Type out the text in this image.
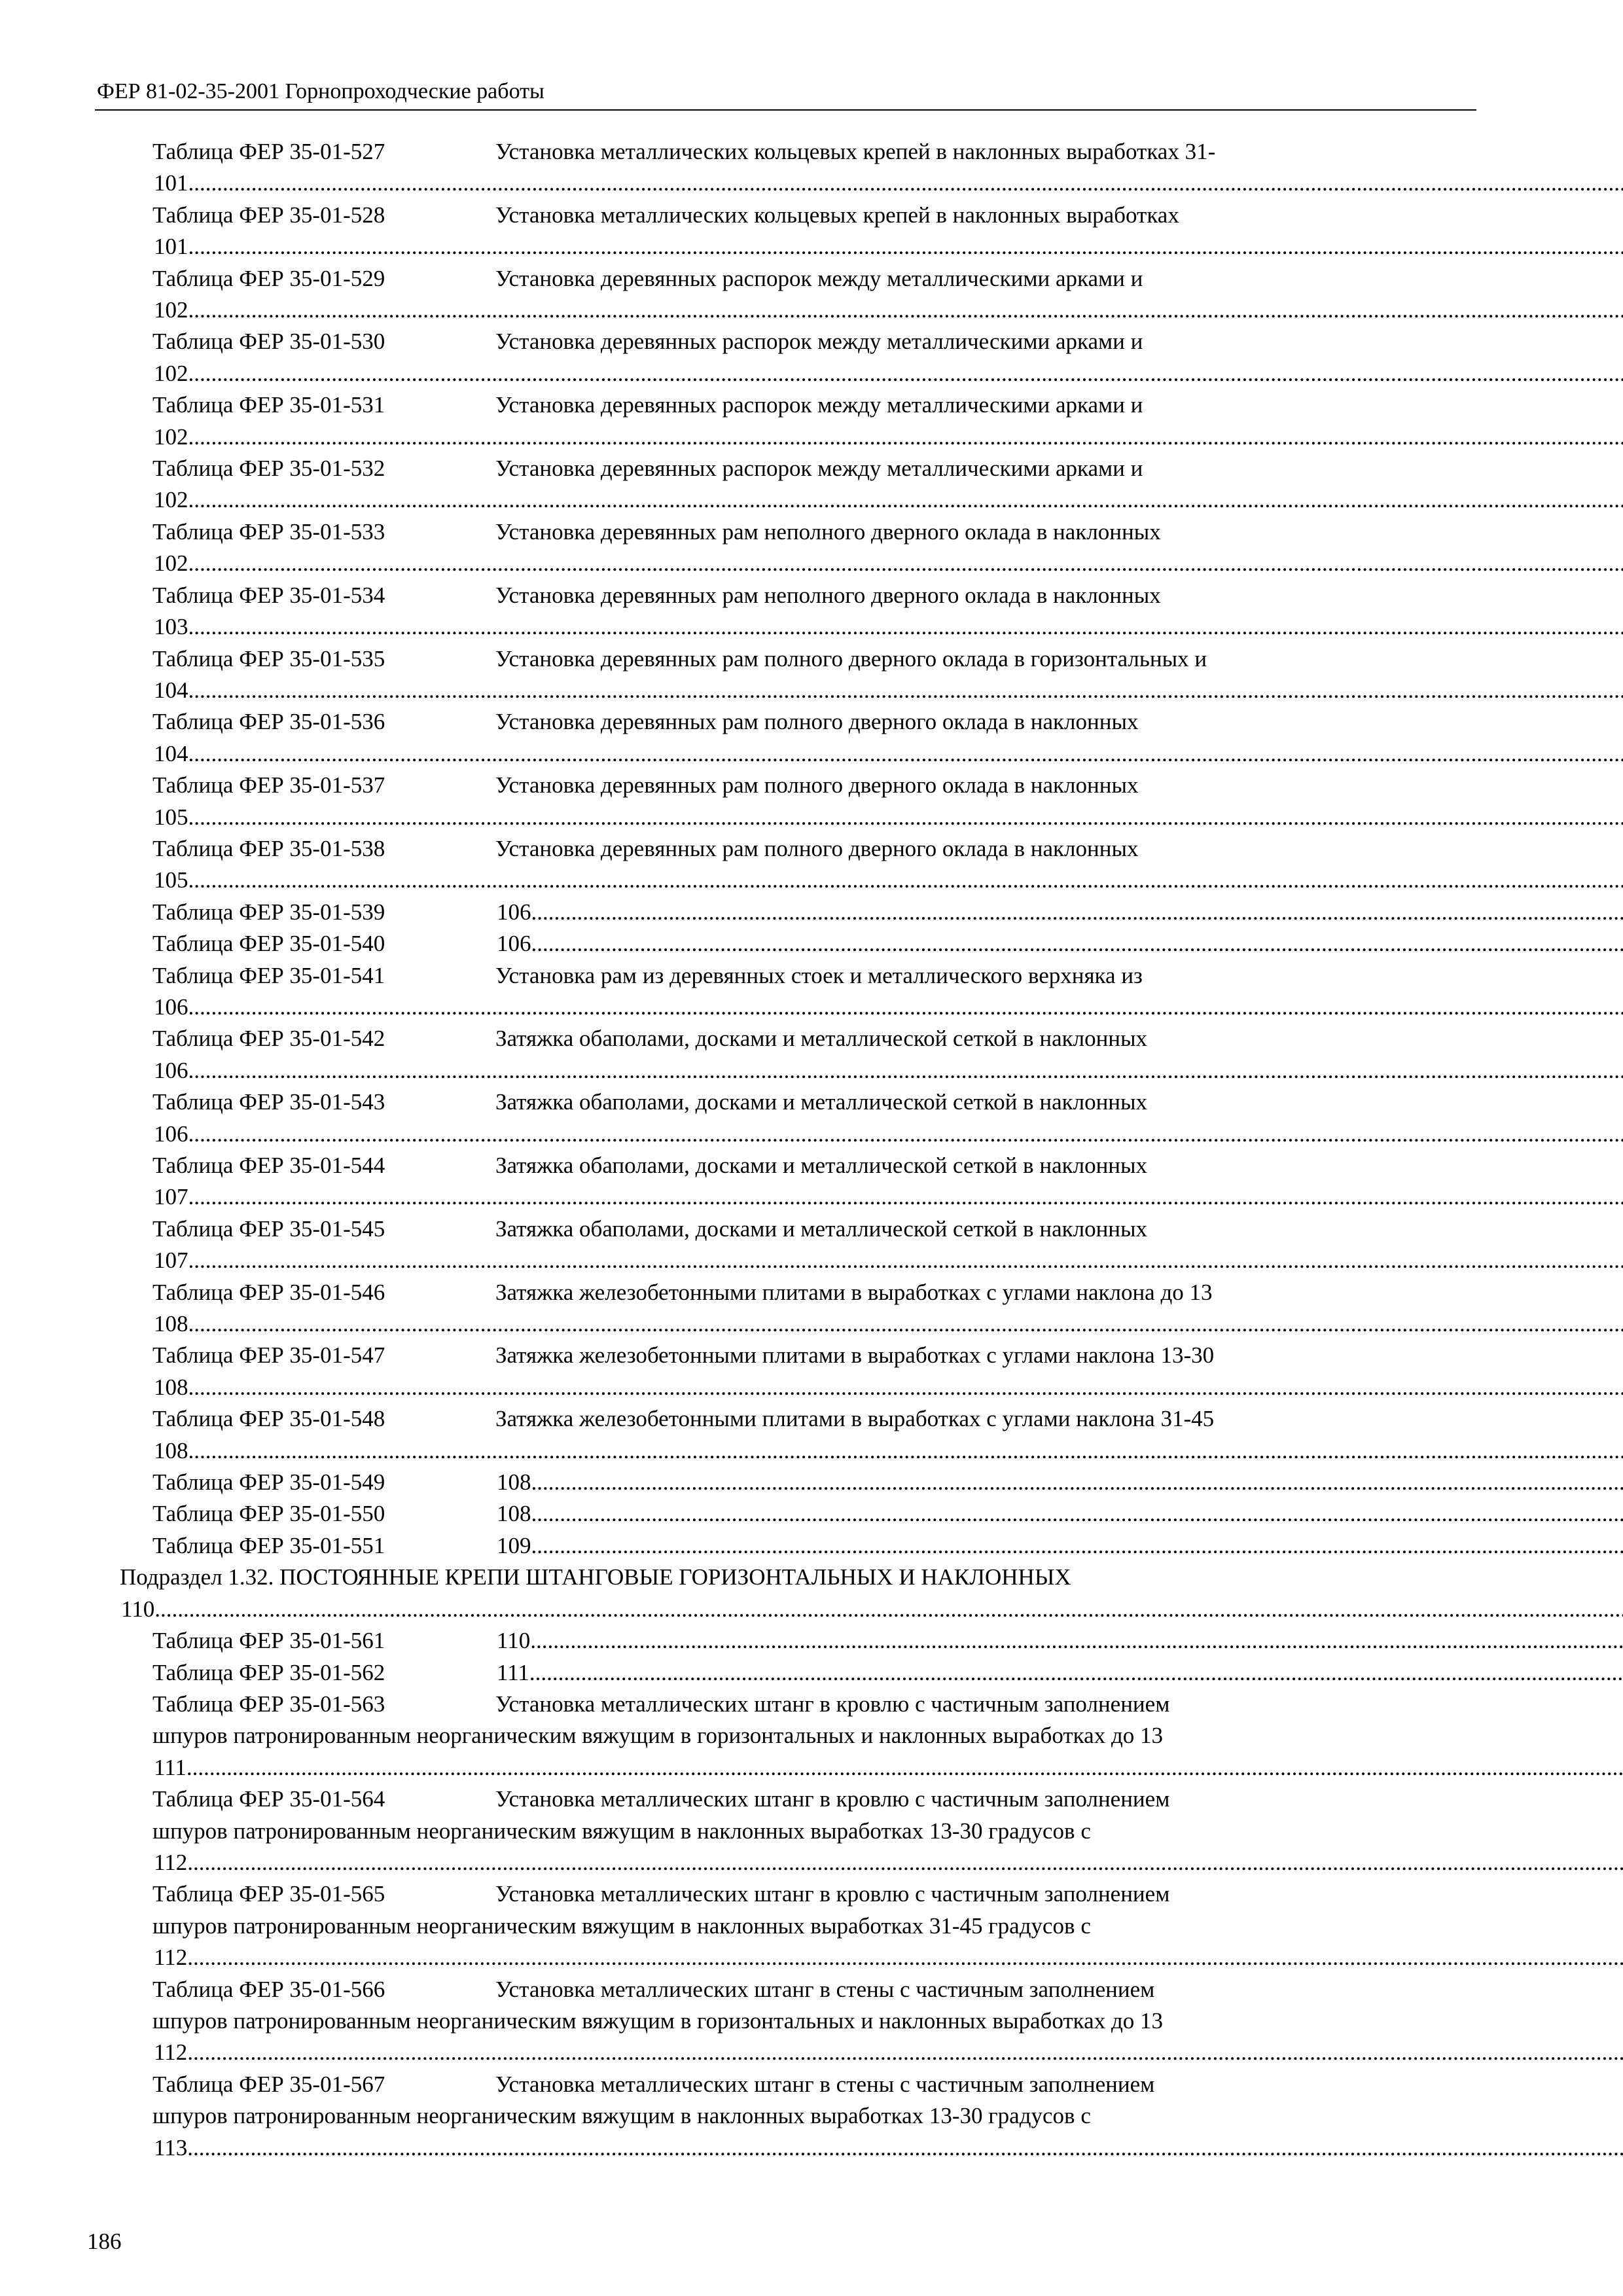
ФЕР 81-02-35-2001 Горнопроходческие работы
Таблица ФЕР 35-01-527	Установка металлических кольцевых крепей в наклонных выработках 31-
101
.....
Таблица ФЕР 35-01-528	Установка металлических кольцевых крепей в наклонных выработках
101
.....
Таблица ФЕР 35-01-529	Установка деревянных распорок между металлическими арками и
102
.....
Таблица ФЕР 35-01-530	Установка деревянных распорок между металлическими арками и
102
.....
Таблица ФЕР 35-01-531	Установка деревянных распорок между металлическими арками и
102
.....
Таблица ФЕР 35-01-532	Установка деревянных распорок между металлическими арками и
102
.....
Таблица ФЕР 35-01-533	Установка деревянных рам неполного дверного оклада в наклонных
102
.....
Таблица ФЕР 35-01-534	Установка деревянных рам неполного дверного оклада в наклонных
103
.....
Таблица ФЕР 35-01-535	Установка деревянных рам полного дверного оклада в горизонтальных и
104
.....
Таблица ФЕР 35-01-536	Установка деревянных рам полного дверного оклада в наклонных
104
.....
Таблица ФЕР 35-01-537	Установка деревянных рам полного дверного оклада в наклонных
105
.....
Таблица ФЕР 35-01-538	Установка деревянных рам полного дверного оклада в наклонных
105
.....
Таблица ФЕР 35-01-539	106
.....
Таблица ФЕР 35-01-540	106
.....
Таблица ФЕР 35-01-541	Установка рам из деревянных стоек и металлического верхняка из
106
.....
Таблица ФЕР 35-01-542	Затяжка обаполами, досками и металлической сеткой в наклонных
106
.....
Таблица ФЕР 35-01-543	Затяжка обаполами, досками и металлической сеткой в наклонных
106
.....
Таблица ФЕР 35-01-544	Затяжка обаполами, досками и металлической сеткой в наклонных
107
.....
Таблица ФЕР 35-01-545	Затяжка обаполами, досками и металлической сеткой в наклонных
107
.....
Таблица ФЕР 35-01-546	Затяжка железобетонными плитами в выработках с углами наклона до 13
108
.....
Таблица ФЕР 35-01-547	Затяжка железобетонными плитами в выработках с углами наклона 13-30
108
.....
Таблица ФЕР 35-01-548	Затяжка железобетонными плитами в выработках с углами наклона 31-45
108
.....
Таблица ФЕР 35-01-549	108
.....
Таблица ФЕР 35-01-550	108
.....
Таблица ФЕР 35-01-551	109
.....
Подраздел 1.32. ПОСТОЯННЫЕ КРЕПИ ШТАНГОВЫЕ ГОРИЗОНТАЛЬНЫХ И НАКЛОННЫХ
110
.....
Таблица ФЕР 35-01-561	110
.....
Таблица ФЕР 35-01-562	111
.....
Таблица ФЕР 35-01-563	Установка металлических штанг в кровлю с частичным заполнением
шпуров патронированным неорганическим вяжущим в горизонтальных и наклонных выработках до 13
111
.....
Таблица ФЕР 35-01-564	Установка металлических штанг в кровлю с частичным заполнением
шпуров патронированным неорганическим вяжущим в наклонных выработках 13-30 градусов с
112
.....
Таблица ФЕР 35-01-565	Установка металлических штанг в кровлю с частичным заполнением
шпуров патронированным неорганическим вяжущим в наклонных выработках 31-45 градусов с
112
.....
Таблица ФЕР 35-01-566	Установка металлических штанг в стены с частичным заполнением
шпуров патронированным неорганическим вяжущим в горизонтальных и наклонных выработках до 13
112
.....
Таблица ФЕР 35-01-567	Установка металлических штанг в стены с частичным заполнением
шпуров патронированным неорганическим вяжущим в наклонных выработках 13-30 градусов с
113
.....
186
